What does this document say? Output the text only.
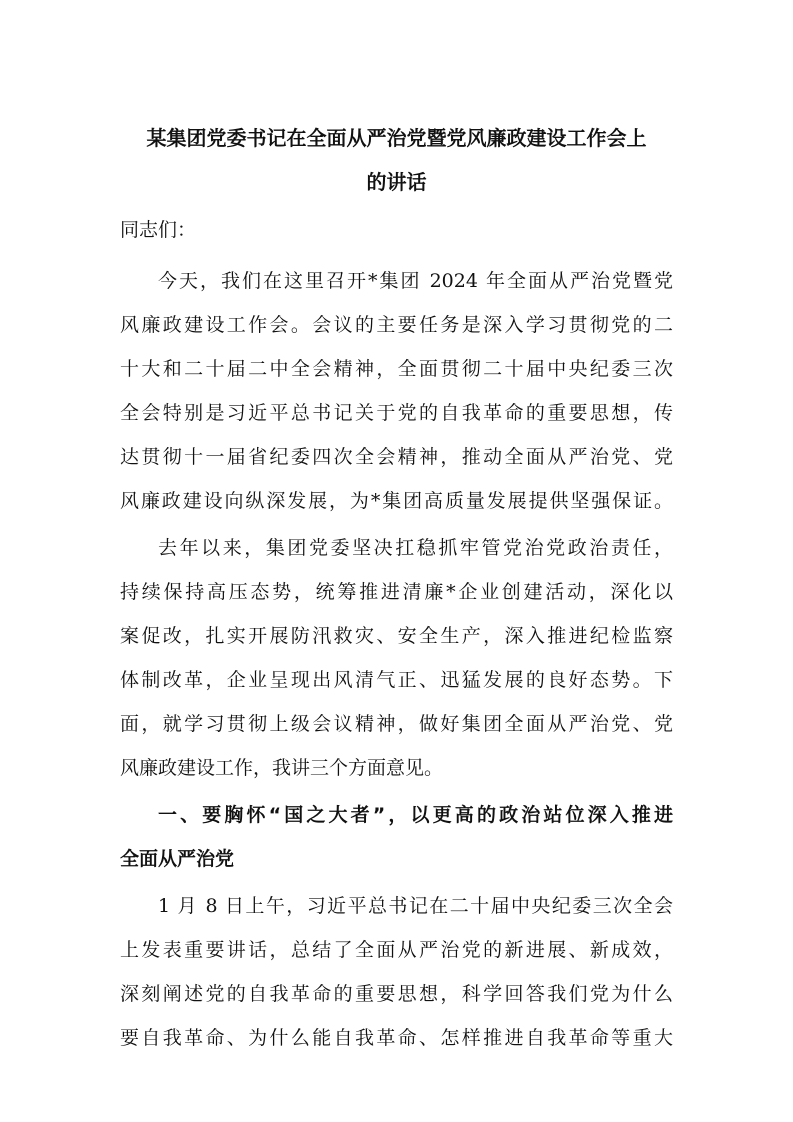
某集团党委书记在全面从严治党暨党风廉政建设工作会上
的讲话

同志们：

今天，我们在这里召开*集团 2024 年全面从严治党暨党

风廉政建设工作会。会议的主要任务是深入学习贯彻党的二

十大和二十届二中全会精神，全面贯彻二十届中央纪委三次

全会特别是习近平总书记关于党的自我革命的重要思想，传

达贯彻十一届省纪委四次全会精神，推动全面从严治党、党

风廉政建设向纵深发展，为*集团高质量发展提供坚强保证。

去年以来，集团党委坚决扛稳抓牢管党治党政治责任，

持续保持高压态势，统筹推进清廉*企业创建活动，深化以

案促改，扎实开展防汛救灾、安全生产，深入推进纪检监察

体制改革，企业呈现出风清气正、迅猛发展的良好态势。下

面，就学习贯彻上级会议精神，做好集团全面从严治党、党

风廉政建设工作，我讲三个方面意见。

一、要胸怀“国之大者”，以更高的政治站位深入推进

全面从严治党

1 月 8 日上午，习近平总书记在二十届中央纪委三次全会

上发表重要讲话，总结了全面从严治党的新进展、新成效，

深刻阐述党的自我革命的重要思想，科学回答我们党为什么

要自我革命、为什么能自我革命、怎样推进自我革命等重大
